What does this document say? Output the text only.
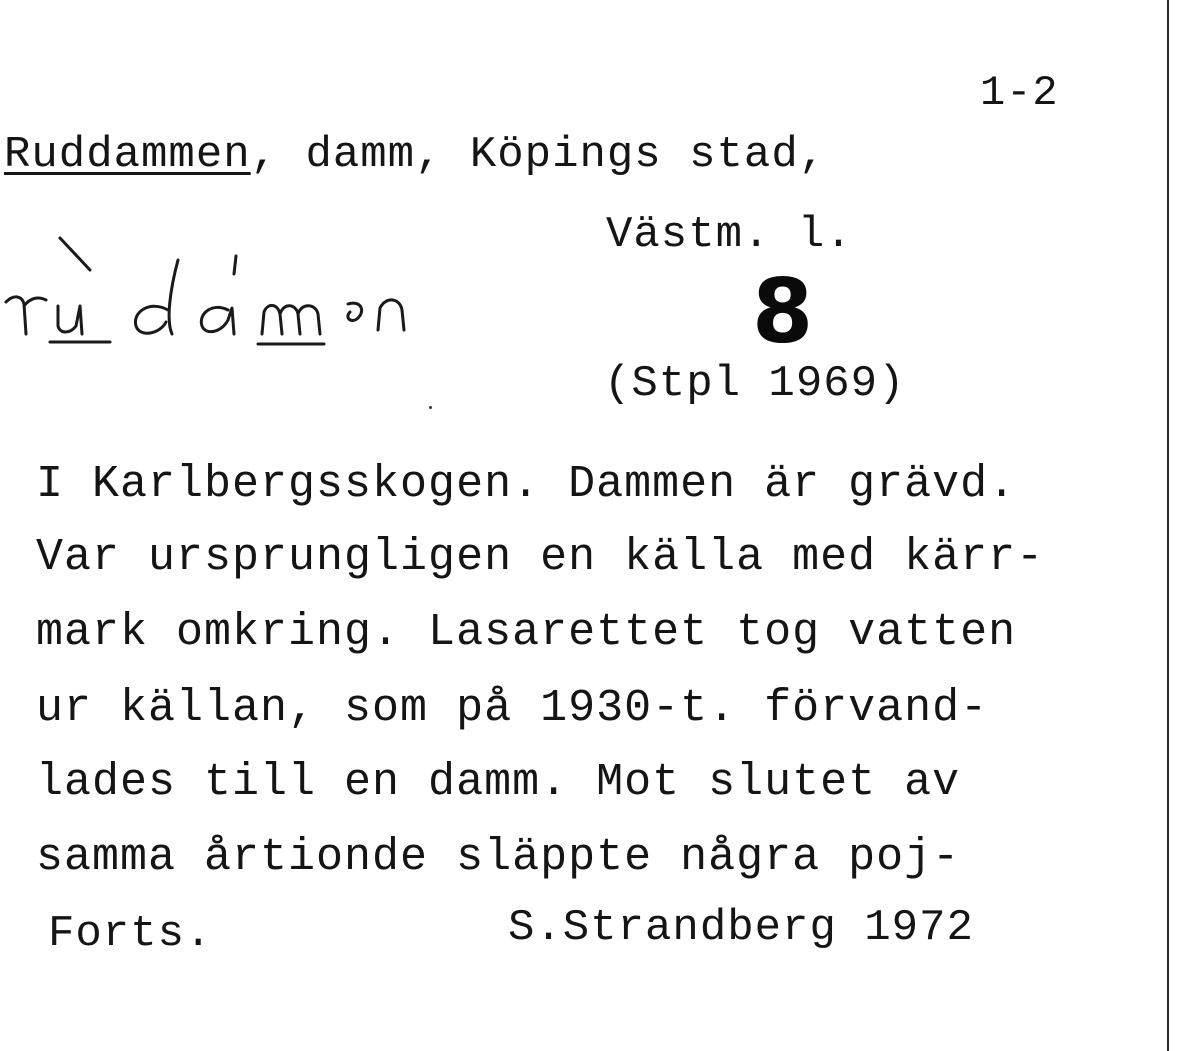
1-2
Ruddammen, damm, Köpings stad,
Västm. l.
8
(Stpl 1969)
I Karlbergsskogen. Dammen är grävd.
Var ursprungligen en källa med kärr-
mark omkring. Lasarettet tog vatten
ur källan, som på 1930-t. förvand-
lades till en damm. Mot slutet av
samma årtionde släppte några poj-
Forts.	S.Strandberg 1972
